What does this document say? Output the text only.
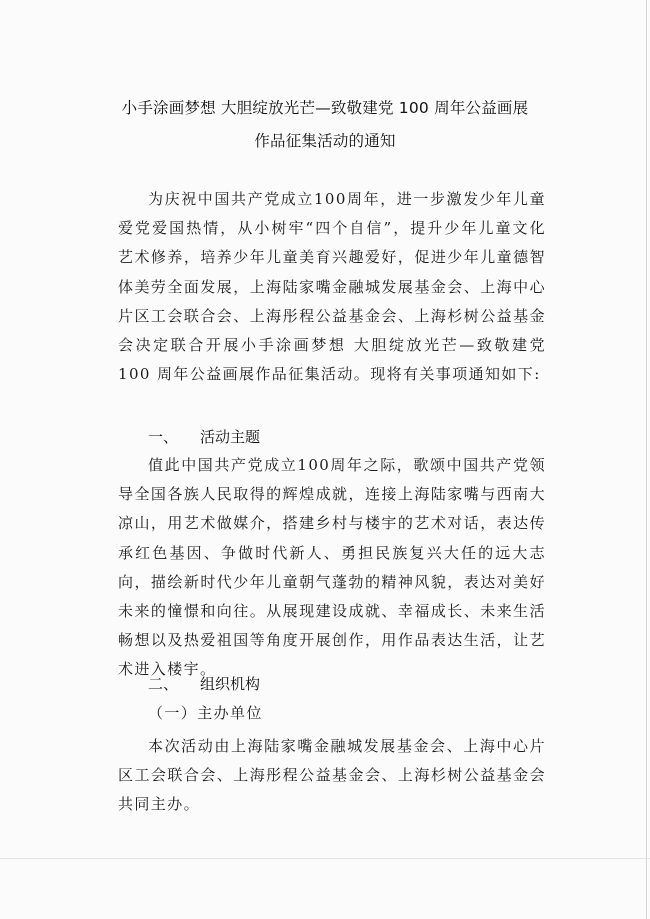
小手涂画梦想 大胆绽放光芒—致敬建党 100 周年公益画展
作品征集活动的通知

为庆祝中国共产党成立100周年，进一步激发少年儿童爱党爱国热情，从小树牢“四个自信”，提升少年儿童文化艺术修养，培养少年儿童美育兴趣爱好，促进少年儿童德智体美劳全面发展，上海陆家嘴金融城发展基金会、上海中心片区工会联合会、上海彤程公益基金会、上海杉树公益基金会决定联合开展小手涂画梦想 大胆绽放光芒—致敬建党 100 周年公益画展作品征集活动。现将有关事项通知如下:

一、 活动主题

值此中国共产党成立100周年之际，歌颂中国共产党领导全国各族人民取得的辉煌成就，连接上海陆家嘴与西南大凉山，用艺术做媒介，搭建乡村与楼宇的艺术对话，表达传承红色基因、争做时代新人、勇担民族复兴大任的远大志向，描绘新时代少年儿童朝气蓬勃的精神风貌，表达对美好未来的憧憬和向往。从展现建设成就、幸福成长、未来生活畅想以及热爱祖国等角度开展创作，用作品表达生活，让艺术进入楼宇。

二、 组织机构
（一）主办单位

本次活动由上海陆家嘴金融城发展基金会、上海中心片区工会联合会、上海彤程公益基金会、上海杉树公益基金会共同主办。
